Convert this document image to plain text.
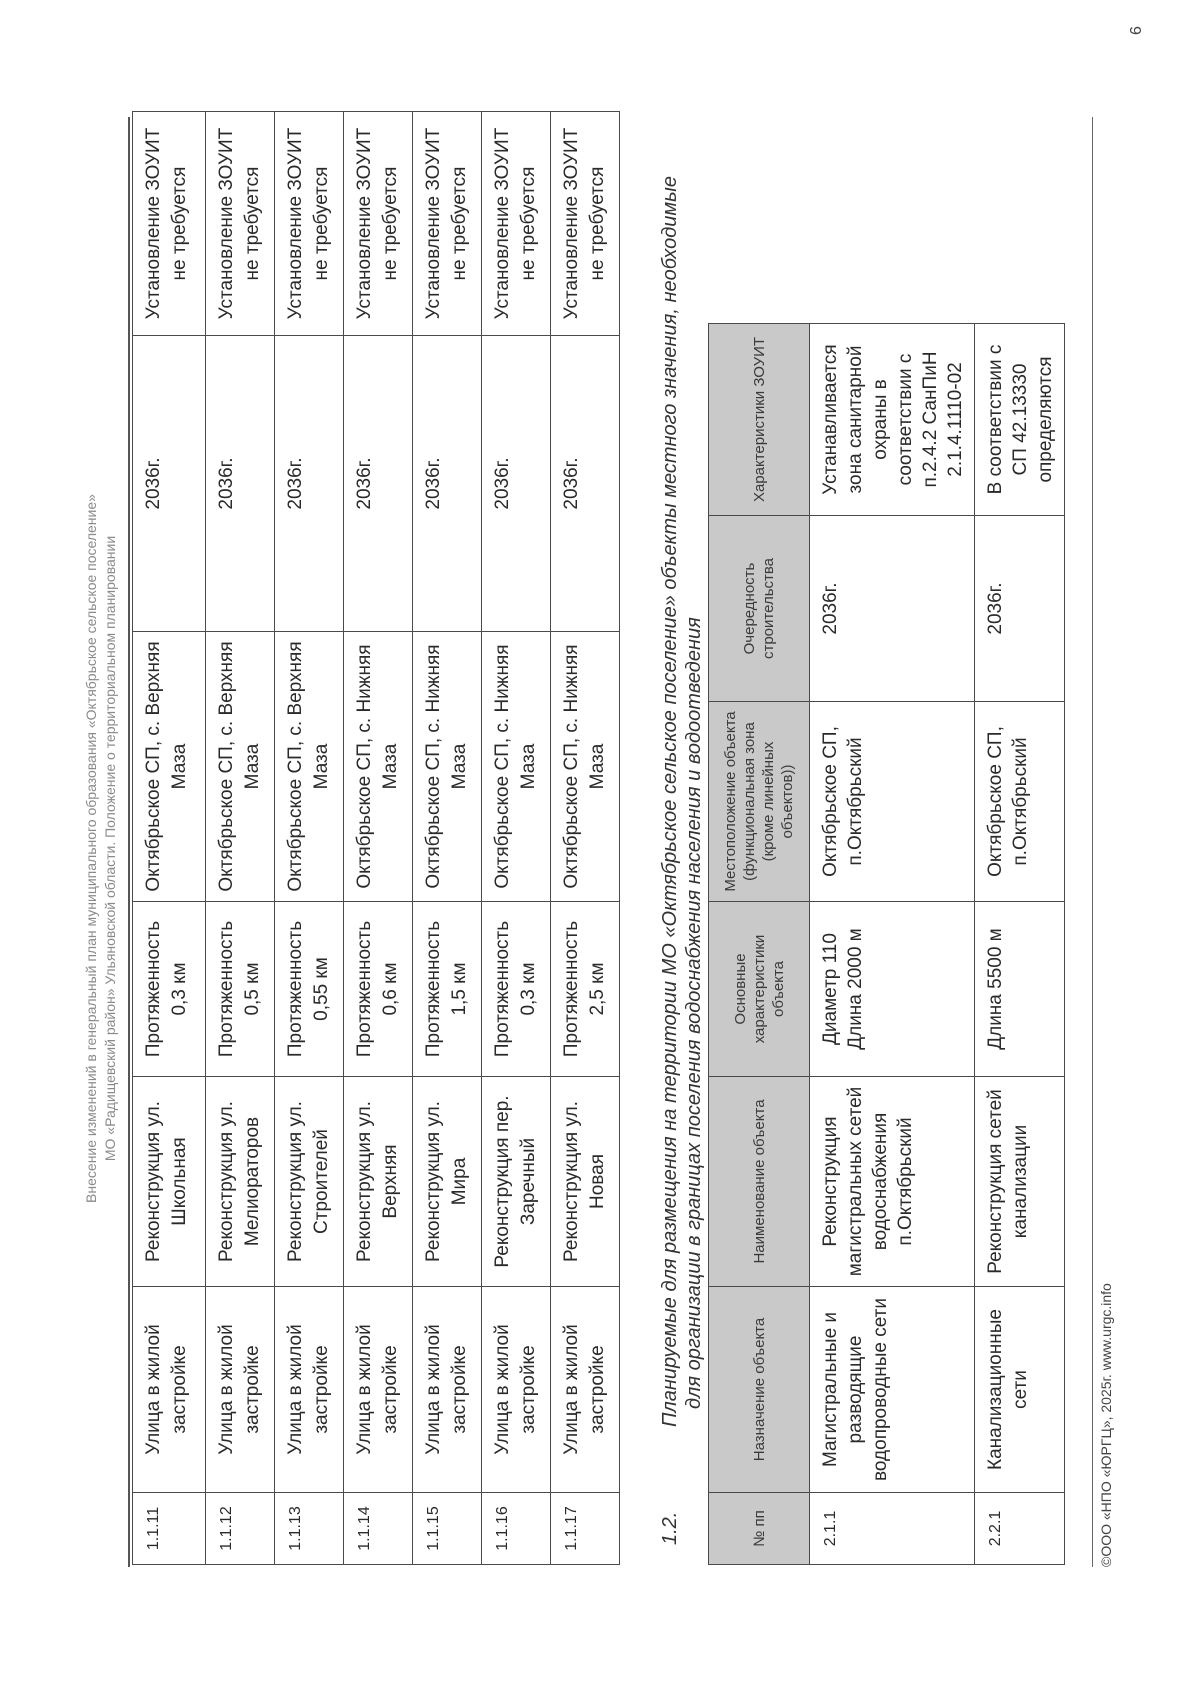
Внесение изменений в генеральный план муниципального образования «Октябрьское сельское поселение» МО «Радищевский район» Ульяновской области. Положение о территориальном планировании
1.1.11	Улица в жилой застройке	Реконструкция ул. Школьная	Протяженность 0,3 км	Октябрьское СП, с. Верхняя Маза	2036г.	Установление ЗОУИТ не требуется
1.1.12	Улица в жилой застройке	Реконструкция ул. Мелиораторов	Протяженность 0,5 км	Октябрьское СП, с. Верхняя Маза	2036г.	Установление ЗОУИТ не требуется
1.1.13	Улица в жилой застройке	Реконструкция ул. Строителей	Протяженность 0,55 км	Октябрьское СП, с. Верхняя Маза	2036г.	Установление ЗОУИТ не требуется
1.1.14	Улица в жилой застройке	Реконструкция ул. Верхняя	Протяженность 0,6 км	Октябрьское СП, с. Нижняя Маза	2036г.	Установление ЗОУИТ не требуется
1.1.15	Улица в жилой застройке	Реконструкция ул. Мира	Протяженность 1,5 км	Октябрьское СП, с. Нижняя Маза	2036г.	Установление ЗОУИТ не требуется
1.1.16	Улица в жилой застройке	Реконструкция пер. Заречный	Протяженность 0,3 км	Октябрьское СП, с. Нижняя Маза	2036г.	Установление ЗОУИТ не требуется
1.1.17	Улица в жилой застройке	Реконструкция ул. Новая	Протяженность 2,5 км	Октябрьское СП, с. Нижняя Маза	2036г.	Установление ЗОУИТ не требуется
1.2.
Планируемые для размещения на территории МО «Октябрьское сельское поселение» объекты местного значения, необходимые для организации в границах поселения водоснабжения населения и водоотведения
№ пп	Назначение объекта	Наименование объекта	Основные характеристики объекта	Местоположение объекта (функциональная зона (кроме линейных объектов))	Очередность строительства	Характеристики ЗОУИТ
2.1.1	Магистральные и разводящие водопроводные сети	Реконструкция магистральных сетей водоснабжения п.Октябрьский	Диаметр 110 Длина 2000 м	Октябрьское СП, п.Октябрьский	2036г.	Устанавливается зона санитарной охраны в соответствии с п.2.4.2 СанПиН 2.1.4.1110-02
2.2.1	Канализационные сети	Реконструкция сетей канализации	Длина 5500 м	Октябрьское СП, п.Октябрьский	2036г.	В соответствии с СП 42.13330 определяются
©ООО «НПО «ЮРГЦ», 2025г. www.urgc.info
6
